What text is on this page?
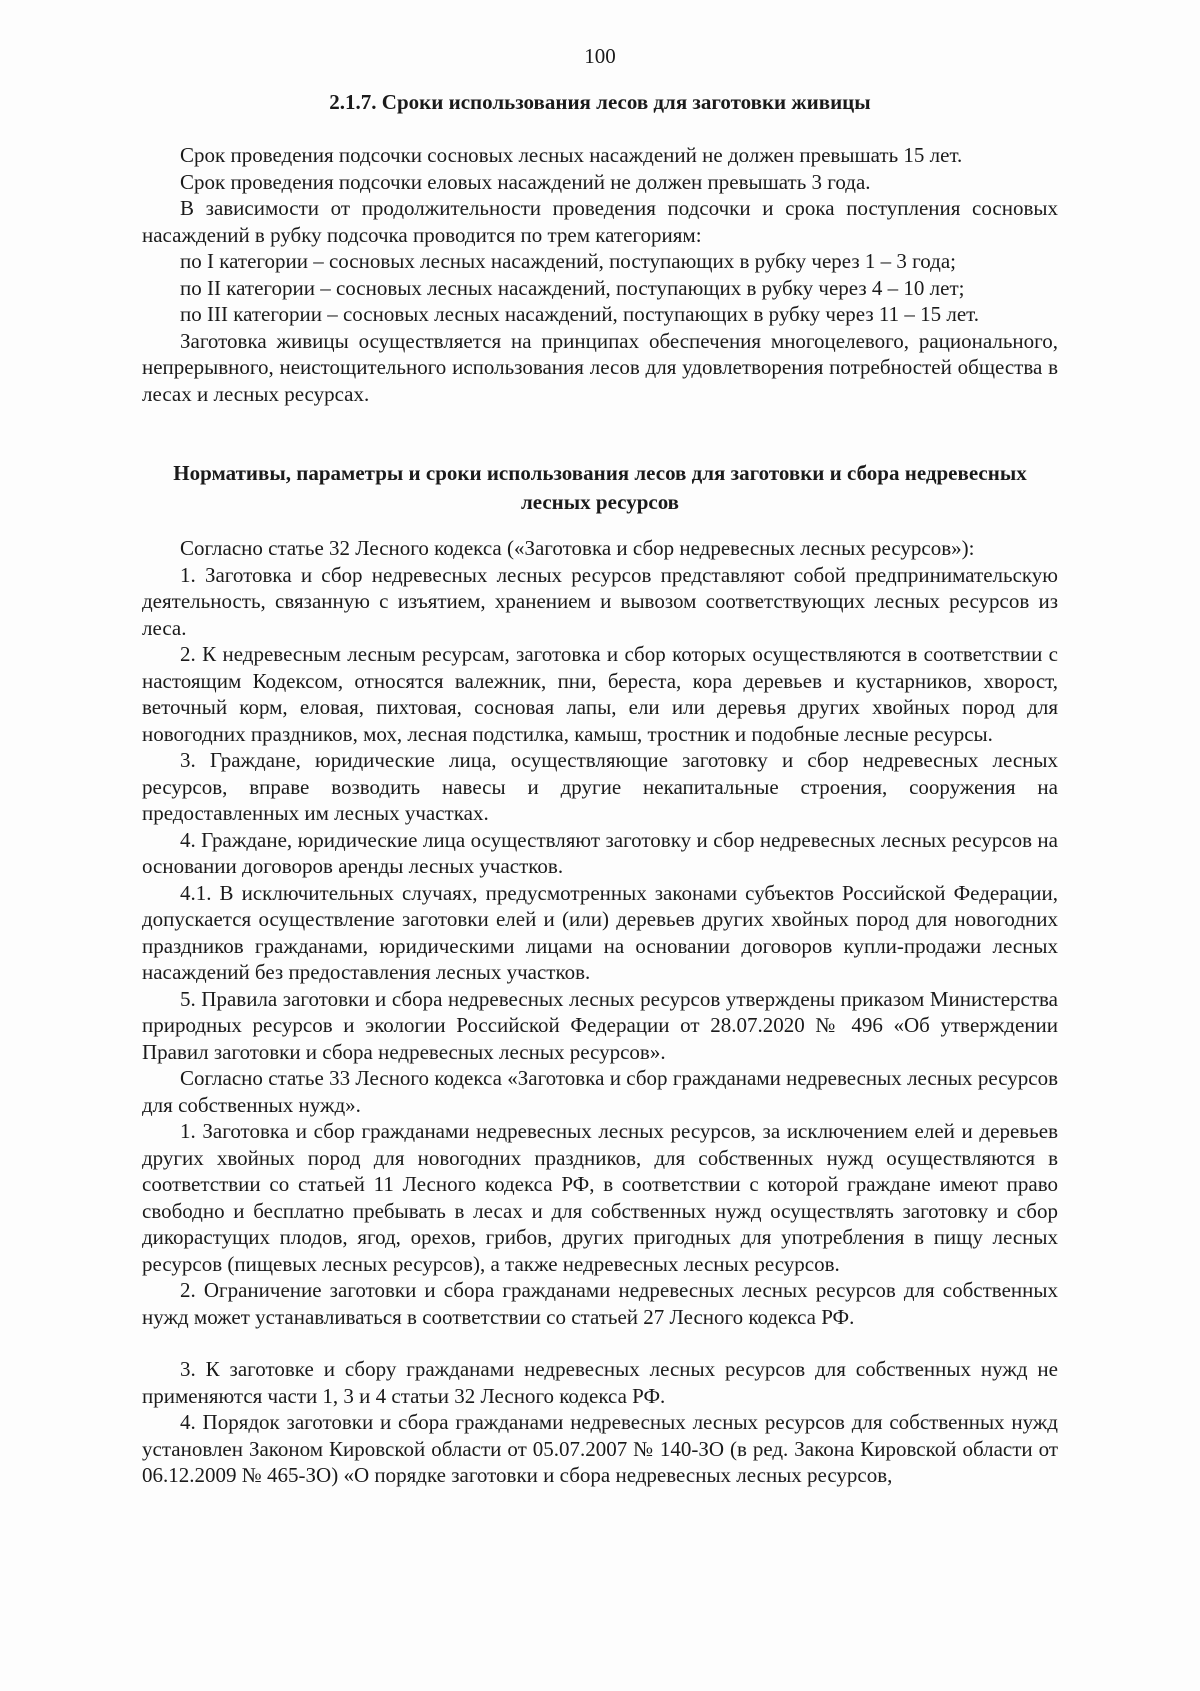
100
2.1.7. Сроки использования лесов для заготовки живицы

Срок проведения подсочки сосновых лесных насаждений не должен превышать 15 лет.

Срок проведения подсочки еловых насаждений не должен превышать 3 года.

В зависимости от продолжительности проведения подсочки и срока поступления сосновых насаждений в рубку подсочка проводится по трем категориям:

по I категории – сосновых лесных насаждений, поступающих в рубку через 1 – 3 года;

по II категории – сосновых лесных насаждений, поступающих в рубку через 4 – 10 лет;

по III категории – сосновых лесных насаждений, поступающих в рубку через 11 – 15 лет.

Заготовка живицы осуществляется на принципах обеспечения многоцелевого, рационального, непрерывного, неистощительного использования лесов для удовлетворения потребностей общества в лесах и лесных ресурсах.

Нормативы, параметры и сроки использования лесов для заготовки и сбора недревесных лесных ресурсов

Согласно статье 32 Лесного кодекса («Заготовка и сбор недревесных лесных ресурсов»):

1. Заготовка и сбор недревесных лесных ресурсов представляют собой предпринимательскую деятельность, связанную с изъятием, хранением и вывозом соответствующих лесных ресурсов из леса.

2. К недревесным лесным ресурсам, заготовка и сбор которых осуществляются в соответствии с настоящим Кодексом, относятся валежник, пни, береста, кора деревьев и кустарников, хворост, веточный корм, еловая, пихтовая, сосновая лапы, ели или деревья других хвойных пород для новогодних праздников, мох, лесная подстилка, камыш, тростник и подобные лесные ресурсы.

3. Граждане, юридические лица, осуществляющие заготовку и сбор недревесных лесных ресурсов, вправе возводить навесы и другие некапитальные строения, сооружения на предоставленных им лесных участках.

4. Граждане, юридические лица осуществляют заготовку и сбор недревесных лесных ресурсов на основании договоров аренды лесных участков.

4.1. В исключительных случаях, предусмотренных законами субъектов Российской Федерации, допускается осуществление заготовки елей и (или) деревьев других хвойных пород для новогодних праздников гражданами, юридическими лицами на основании договоров купли-продажи лесных насаждений без предоставления лесных участков.

5. Правила заготовки и сбора недревесных лесных ресурсов утверждены приказом Министерства природных ресурсов и экологии Российской Федерации от 28.07.2020 № 496 «Об утверждении Правил заготовки и сбора недревесных лесных ресурсов».

Согласно статье 33 Лесного кодекса «Заготовка и сбор гражданами недревесных лесных ресурсов для собственных нужд».

1. Заготовка и сбор гражданами недревесных лесных ресурсов, за исключением елей и деревьев других хвойных пород для новогодних праздников, для собственных нужд осуществляются в соответствии со статьей 11 Лесного кодекса РФ, в соответствии с которой граждане имеют право свободно и бесплатно пребывать в лесах и для собственных нужд осуществлять заготовку и сбор дикорастущих плодов, ягод, орехов, грибов, других пригодных для употребления в пищу лесных ресурсов (пищевых лесных ресурсов), а также недревесных лесных ресурсов.

2. Ограничение заготовки и сбора гражданами недревесных лесных ресурсов для собственных нужд может устанавливаться в соответствии со статьей 27 Лесного кодекса РФ.

3. К заготовке и сбору гражданами недревесных лесных ресурсов для собственных нужд не применяются части 1, 3 и 4 статьи 32 Лесного кодекса РФ.

4. Порядок заготовки и сбора гражданами недревесных лесных ресурсов для собственных нужд установлен Законом Кировской области от 05.07.2007 № 140-ЗО (в ред. Закона Кировской области от 06.12.2009 № 465-ЗО) «О порядке заготовки и сбора недревесных лесных ресурсов,
